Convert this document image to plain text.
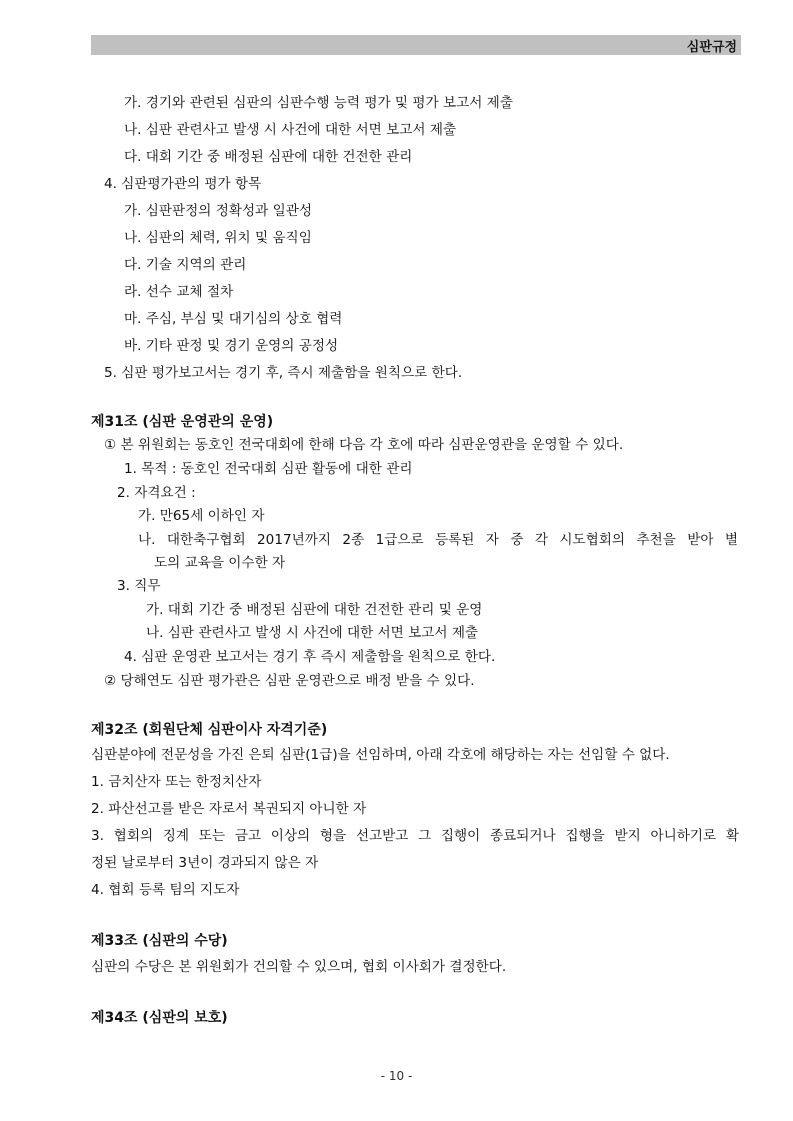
심판규정
가. 경기와 관련된 심판의 심판수행 능력 평가 및 평가 보고서 제출
나. 심판 관련사고 발생 시 사건에 대한 서면 보고서 제출
다. 대회 기간 중 배정된 심판에 대한 건전한 관리
4. 심판평가관의 평가 항목
가. 심판판정의 정확성과 일관성
나. 심판의 체력, 위치 및 움직임
다. 기술 지역의 관리
라. 선수 교체 절차
마. 주심, 부심 및 대기심의 상호 협력
바. 기타 판정 및 경기 운영의 공정성
5. 심판 평가보고서는 경기 후, 즉시 제출함을 원칙으로 한다.
제31조 (심판 운영관의 운영)
① 본 위원회는 동호인 전국대회에 한해 다음 각 호에 따라 심판운영관을 운영할 수 있다.
1. 목적 : 동호인 전국대회 심판 활동에 대한 관리
2. 자격요건 :
가. 만65세 이하인 자
나. 대한축구협회 2017년까지 2종 1급으로 등록된 자 중 각 시도협회의 추천을 받아 별
도의 교육을 이수한 자
3. 직무
가. 대회 기간 중 배정된 심판에 대한 건전한 관리 및 운영
나. 심판 관련사고 발생 시 사건에 대한 서면 보고서 제출
4. 심판 운영관 보고서는 경기 후 즉시 제출함을 원칙으로 한다.
② 당해연도 심판 평가관은 심판 운영관으로 배정 받을 수 있다.
제32조 (회원단체 심판이사 자격기준)
심판분야에 전문성을 가진 은퇴 심판(1급)을 선임하며, 아래 각호에 해당하는 자는 선임할 수 없다.
1. 금치산자 또는 한정치산자
2. 파산선고를 받은 자로서 복권되지 아니한 자
3. 협회의 징계 또는 금고 이상의 형을 선고받고 그 집행이 종료되거나 집행을 받지 아니하기로 확
정된 날로부터 3년이 경과되지 않은 자
4. 협회 등록 팀의 지도자
제33조 (심판의 수당)
심판의 수당은 본 위원회가 건의할 수 있으며, 협회 이사회가 결정한다.
제34조 (심판의 보호)
- 10 -
